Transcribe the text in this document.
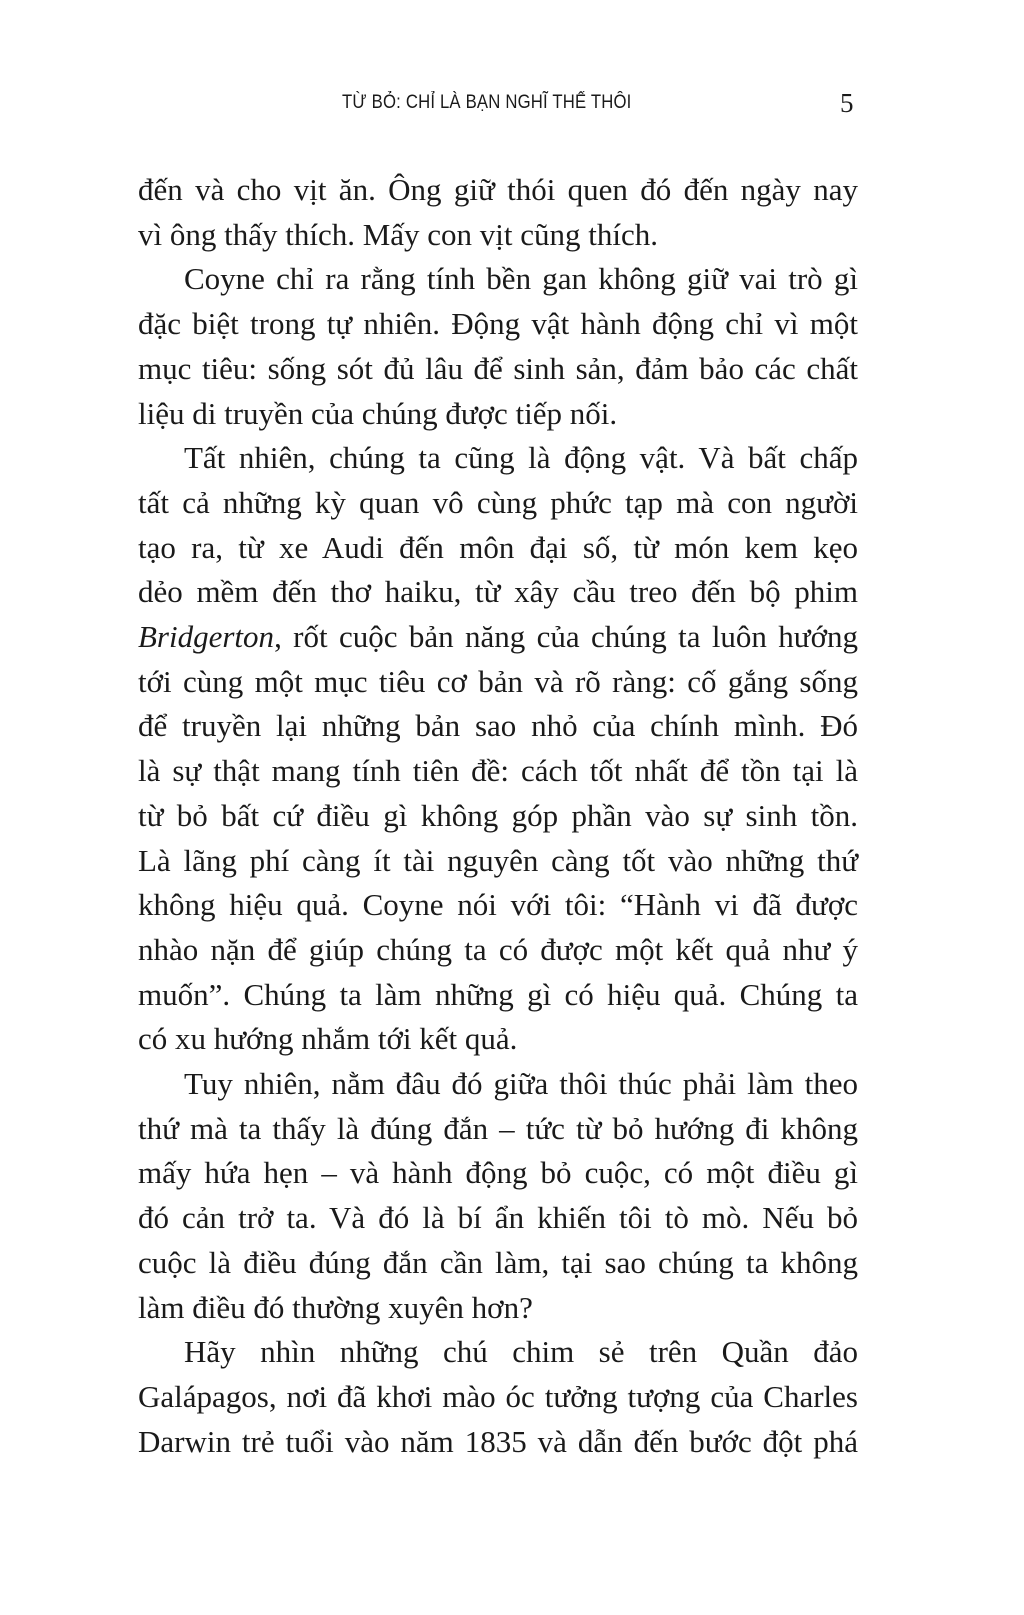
TỪ BỎ: CHỈ LÀ BẠN NGHĨ THẾ THÔI	5

đến và cho vịt ăn. Ông giữ thói quen đó đến ngày nay
vì ông thấy thích. Mấy con vịt cũng thích.

Coyne chỉ ra rằng tính bền gan không giữ vai trò gì
đặc biệt trong tự nhiên. Động vật hành động chỉ vì một
mục tiêu: sống sót đủ lâu để sinh sản, đảm bảo các chất
liệu di truyền của chúng được tiếp nối.

Tất nhiên, chúng ta cũng là động vật. Và bất chấp
tất cả những kỳ quan vô cùng phức tạp mà con người
tạo ra, từ xe Audi đến môn đại số, từ món kem kẹo
dẻo mềm đến thơ haiku, từ xây cầu treo đến bộ phim
Bridgerton, rốt cuộc bản năng của chúng ta luôn hướng
tới cùng một mục tiêu cơ bản và rõ ràng: cố gắng sống
để truyền lại những bản sao nhỏ của chính mình. Đó
là sự thật mang tính tiên đề: cách tốt nhất để tồn tại là
từ bỏ bất cứ điều gì không góp phần vào sự sinh tồn.
Là lãng phí càng ít tài nguyên càng tốt vào những thứ
không hiệu quả. Coyne nói với tôi: “Hành vi đã được
nhào nặn để giúp chúng ta có được một kết quả như ý
muốn”. Chúng ta làm những gì có hiệu quả. Chúng ta
có xu hướng nhắm tới kết quả.

Tuy nhiên, nằm đâu đó giữa thôi thúc phải làm theo
thứ mà ta thấy là đúng đắn – tức từ bỏ hướng đi không
mấy hứa hẹn – và hành động bỏ cuộc, có một điều gì
đó cản trở ta. Và đó là bí ẩn khiến tôi tò mò. Nếu bỏ
cuộc là điều đúng đắn cần làm, tại sao chúng ta không
làm điều đó thường xuyên hơn?

Hãy nhìn những chú chim sẻ trên Quần đảo
Galápagos, nơi đã khơi mào óc tưởng tượng của Charles
Darwin trẻ tuổi vào năm 1835 và dẫn đến bước đột phá
